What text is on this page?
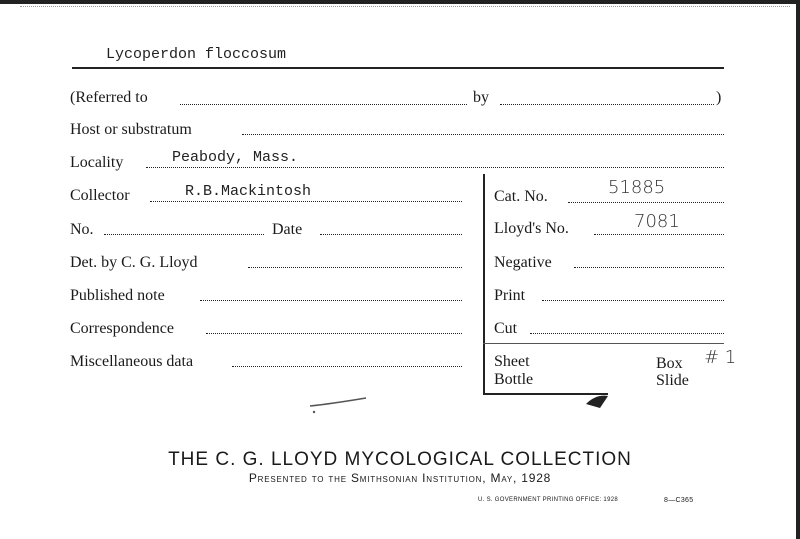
Lycoperdon floccosum
(Referred to	by	)
Host or substratum
Locality	Peabody, Mass.
Collector	R.B.Mackintosh
No.	Date
Det. by C. G. Lloyd
Published note
Correspondence
Miscellaneous data
Cat. No.	51885
Lloyd's No.	7081
Negative
Print
Cut
Sheet
Bottle
Box # 1
Slide
THE C. G. LLOYD MYCOLOGICAL COLLECTION
Presented to the Smithsonian Institution, May, 1928
U. S. GOVERNMENT PRINTING OFFICE: 1928	8—C365
